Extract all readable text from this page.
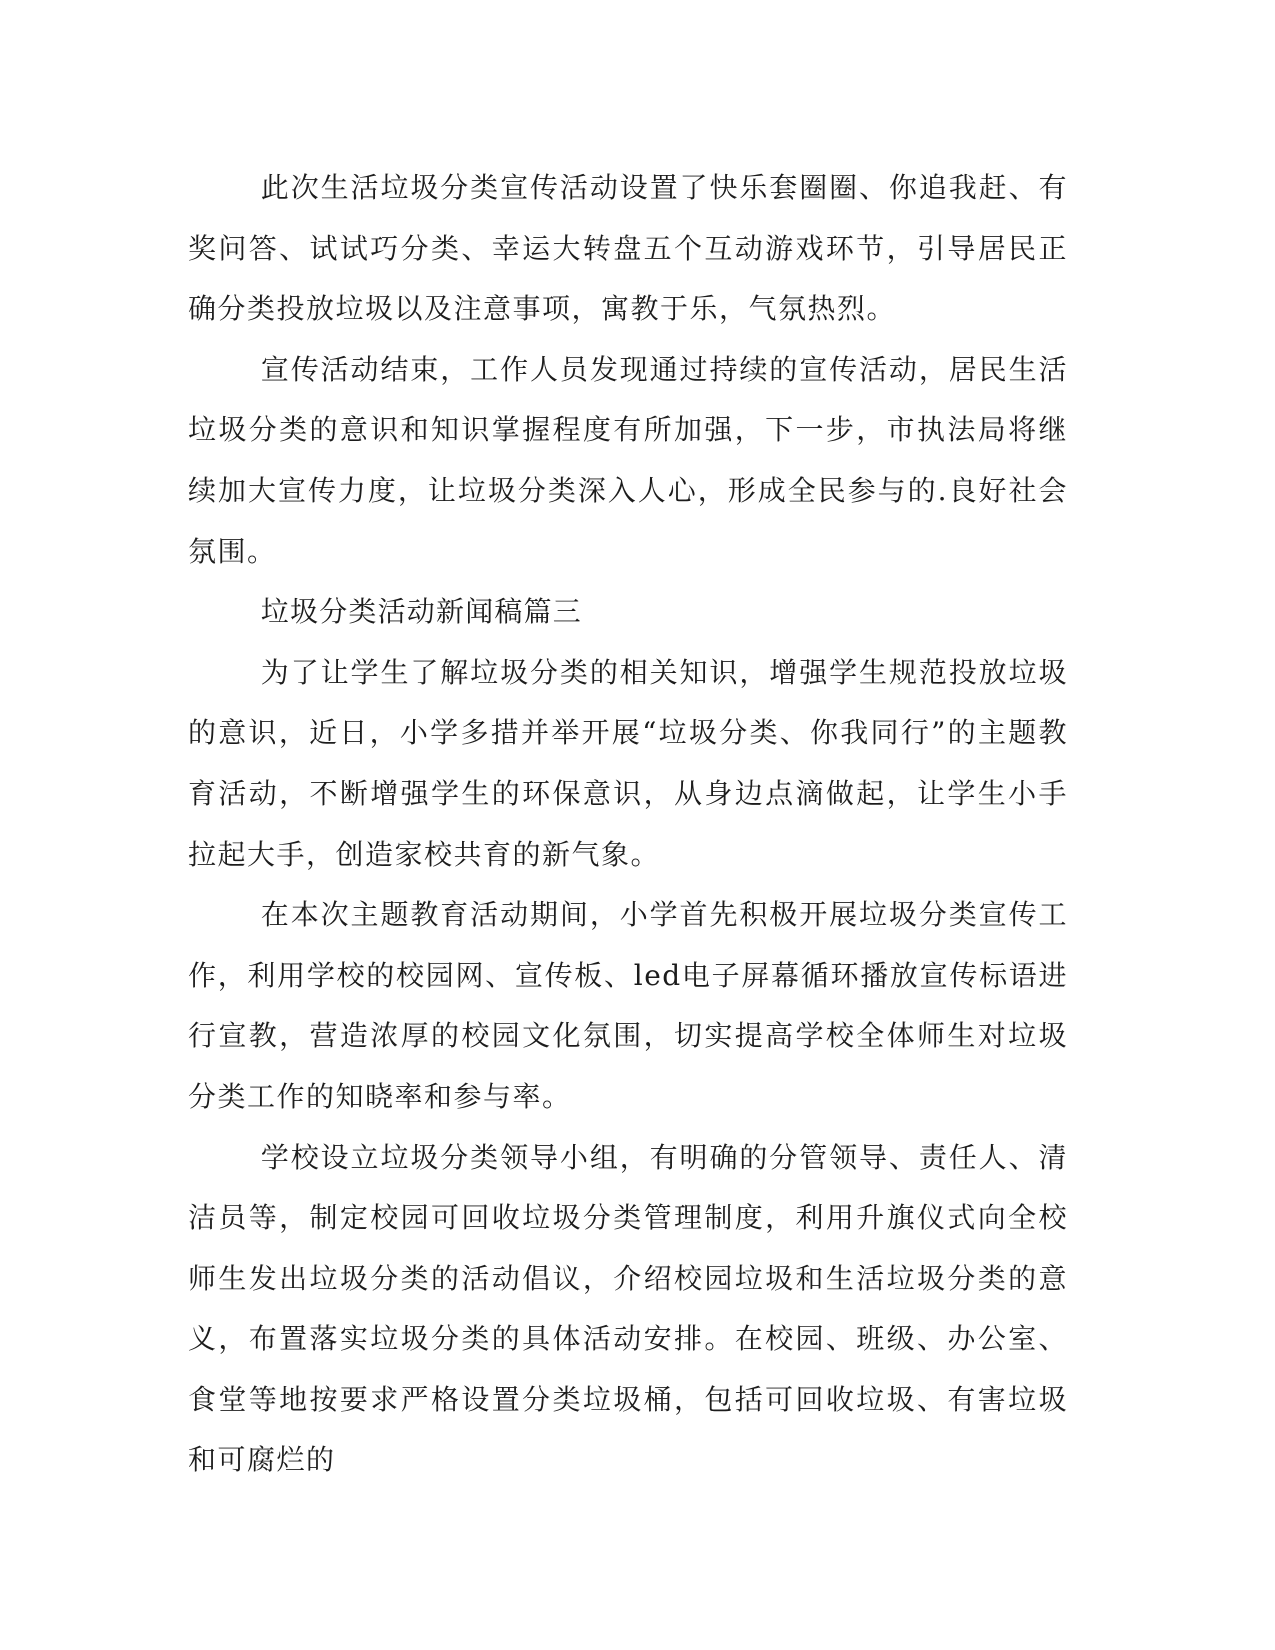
此次生活垃圾分类宣传活动设置了快乐套圈圈、你追我赶、有奖问答、试试巧分类、幸运大转盘五个互动游戏环节，引导居民正确分类投放垃圾以及注意事项，寓教于乐，气氛热烈。

宣传活动结束，工作人员发现通过持续的宣传活动，居民生活垃圾分类的意识和知识掌握程度有所加强，下一步，市执法局将继续加大宣传力度，让垃圾分类深入人心，形成全民参与的.良好社会氛围。

垃圾分类活动新闻稿篇三

为了让学生了解垃圾分类的相关知识，增强学生规范投放垃圾的意识，近日，小学多措并举开展“垃圾分类、你我同行”的主题教育活动，不断增强学生的环保意识，从身边点滴做起，让学生小手拉起大手，创造家校共育的新气象。

在本次主题教育活动期间，小学首先积极开展垃圾分类宣传工作，利用学校的校园网、宣传板、led电子屏幕循环播放宣传标语进行宣教，营造浓厚的校园文化氛围，切实提高学校全体师生对垃圾分类工作的知晓率和参与率。

学校设立垃圾分类领导小组，有明确的分管领导、责任人、清洁员等，制定校园可回收垃圾分类管理制度，利用升旗仪式向全校师生发出垃圾分类的活动倡议，介绍校园垃圾和生活垃圾分类的意义，布置落实垃圾分类的具体活动安排。在校园、班级、办公室、食堂等地按要求严格设置分类垃圾桶，包括可回收垃圾、有害垃圾和可腐烂的
